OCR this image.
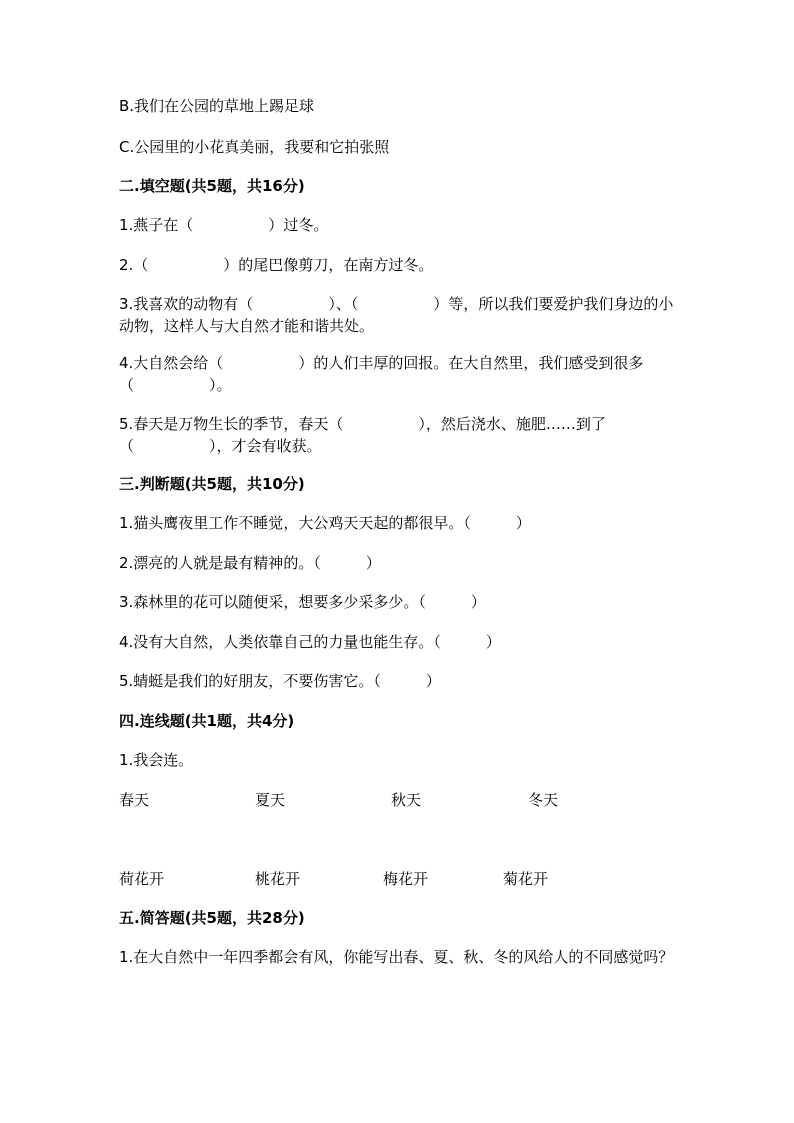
B.我们在公园的草地上踢足球
C.公园里的小花真美丽，我要和它拍张照
二.填空题(共5题，共16分)
1.燕子在（　　　　　）过冬。
2.（　　　　　）的尾巴像剪刀，在南方过冬。
3.我喜欢的动物有（　　　　　）、（　　　　　）等，所以我们要爱护我们身边的小动物，这样人与大自然才能和谐共处。
4.大自然会给（　　　　　）的人们丰厚的回报。在大自然里，我们感受到很多（　　　　　）。
5.春天是万物生长的季节，春天（　　　　　），然后浇水、施肥……到了（　　　　　），才会有收获。
三.判断题(共5题，共10分)
1.猫头鹰夜里工作不睡觉，大公鸡天天起的都很早。（　　　）
2.漂亮的人就是最有精神的。（　　　）
3.森林里的花可以随便采，想要多少采多少。（　　　）
4.没有大自然，人类依靠自己的力量也能生存。（　　　）
5.蜻蜓是我们的好朋友，不要伤害它。（　　　）
四.连线题(共1题，共4分)
1.我会连。
春天	夏天	秋天	冬天
荷花开	桃花开	梅花开	菊花开
五.简答题(共5题，共28分)
1.在大自然中一年四季都会有风，你能写出春、夏、秋、冬的风给人的不同感觉吗？
